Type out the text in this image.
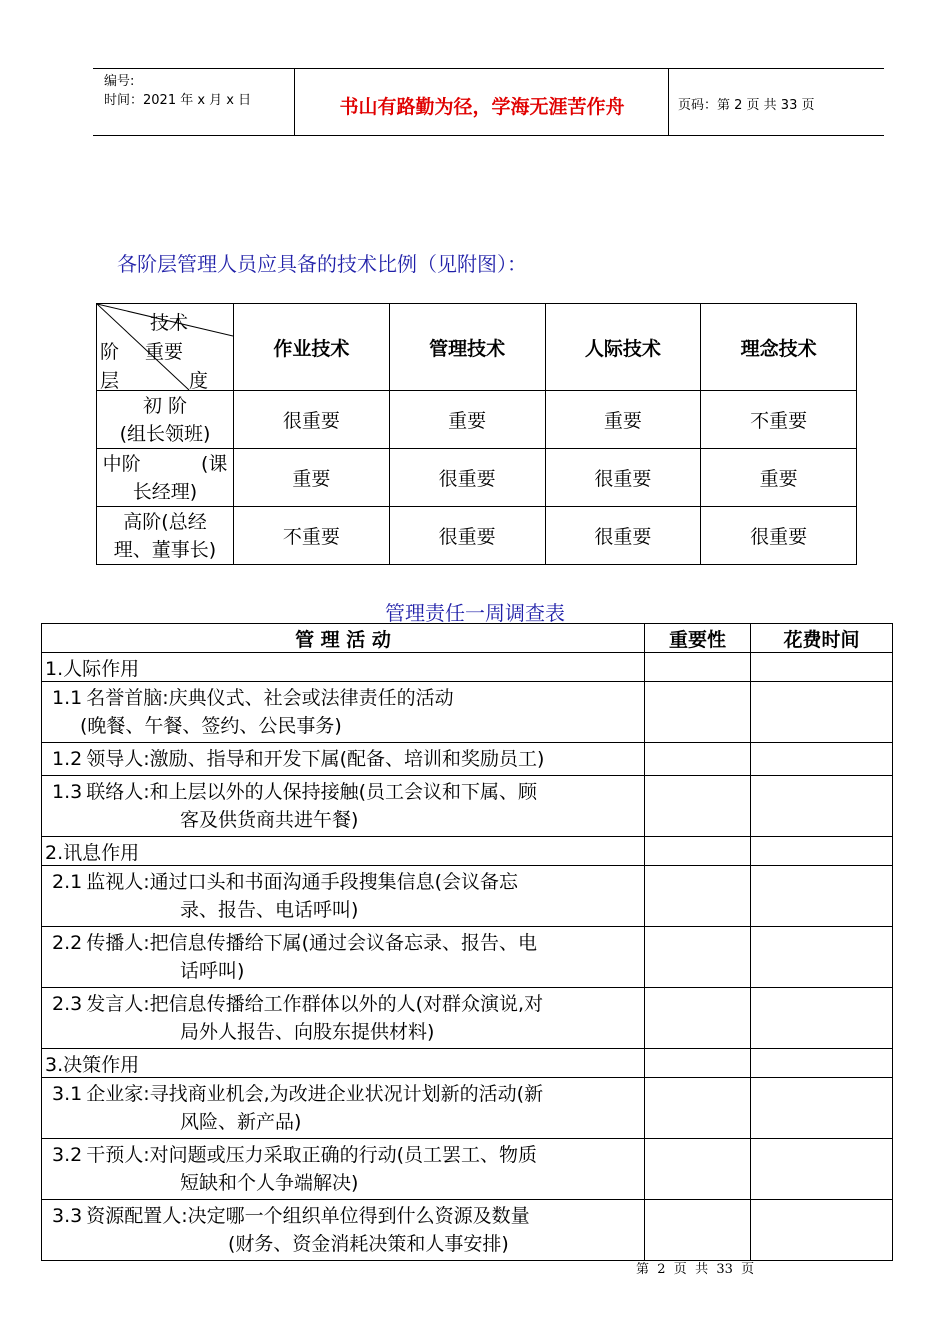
编号:
时间：2021 年 x 月 x 日	书山有路勤为径，学海无涯苦作舟	页码：第 2 页 共 33 页
各阶层管理人员应具备的技术比例（见附图）：
技术
阶 重要
层 度	作业技术	管理技术	人际技术	理念技术

初 阶
(组长领班)	很重要	重要	重要	不重要

中阶          (课
长经理)	重要	很重要	很重要	重要

高阶(总经
理、董事长)	不重要	很重要	很重要	很重要
管理责任一周调查表
管 理 活 动	重要性	花费时间
1.人际作用		
1.1 名誉首脑:庆典仪式、社会或法律责任的活动
(晚餐、午餐、签约、公民事务)		

1.2 领导人:激励、指导和开发下属(配备、培训和奖励员工)		
1.3 联络人:和上层以外的人保持接触(员工会议和下属、顾
客及供货商共进午餐)		

2.讯息作用		
2.1 监视人:通过口头和书面沟通手段搜集信息(会议备忘
录、报告、电话呼叫)		

2.2 传播人:把信息传播给下属(通过会议备忘录、报告、电
话呼叫)		

2.3 发言人:把信息传播给工作群体以外的人(对群众演说,对
局外人报告、向股东提供材料)		

3.决策作用		
3.1 企业家:寻找商业机会,为改进企业状况计划新的活动(新
风险、新产品)		

3.2 干预人:对问题或压力采取正确的行动(员工罢工、物质
短缺和个人争端解决)		

3.3 资源配置人:决定哪一个组织单位得到什么资源及数量
(财务、资金消耗决策和人事安排)		

第  2  页  共  33  页
